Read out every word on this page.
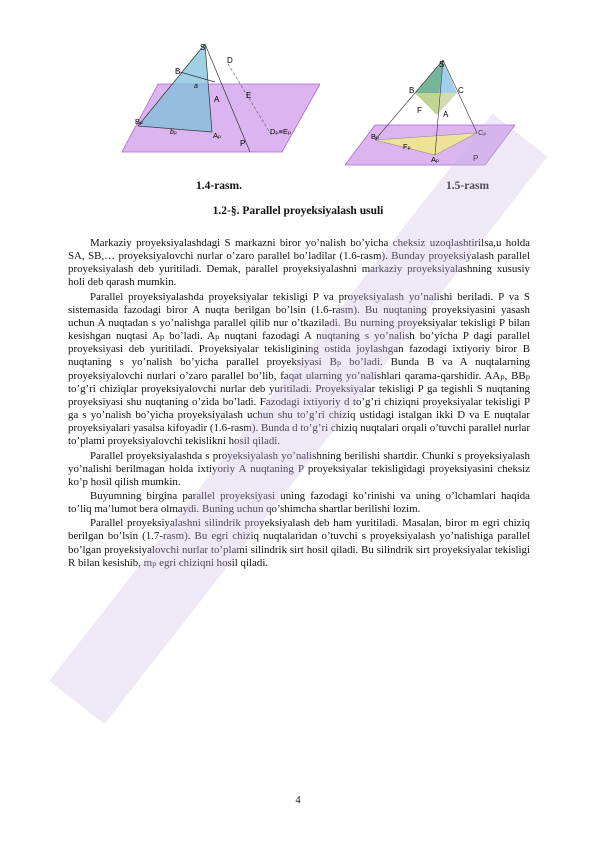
S
D
B
a
A	E
Bₚ
bₚ	Aₚ	Dₚ≡Eₚ
P
S
B	C
F	A
Bₚ
Fₚ
Cₚ
Aₚ	P
1.4-rasm.	1.5-rasm
1.2-§. Parallel proyeksiyalash usuli

Markaziy proyeksiyalashdagi S markazni biror yo’nalish bo’yicha cheksiz uzoqlashtirilsa,u holda SA, SB,… proyeksiyalovchi nurlar o’zaro parallel bo’ladilar (1.6-rasm). Bunday proyeksiyalash parallel proyeksiyalash deb yuritiladi. Demak, parallel proyeksiyalashni markaziy proyeksiyalashning xususiy holi deb qarash mumkin.

Parallel proyeksiyalashda proyeksiyalar tekisligi P va proyeksiyalash yo’nalishi beriladi. P va S sistemasida fazodagi biror A nuqta berilgan bo’lsin (1.6-rasm). Bu nuqtaning proyeksiyasini yasash uchun A nuqtadan s yo’nalishga parallel qilib nur o’tkaziladi. Bu nurning proyeksiyalar tekisligi P bilan kesishgan nuqtasi Aₚ bo’ladi. Aₚ nuqtani fazodagi A nuqtaning s yo’nalish bo’yicha P dagi parallel proyeksiyasi deb yuritiladi. Proyeksiyalar tekisligining ostida joylashgan fazodagi ixtiyoriy biror B nuqtaning s yo’nalish bo’yicha parallel proyeksiyasi Bₚ bo’ladi. Bunda B va A nuqtalarning proyeksiyalovchi nurlari o’zaro parallel bo’lib, faqat ularning yo’nalishlari qarama-qarshidir. AAₚ, BBₚ to’g’ri chiziqlar proyeksiyalovchi nurlar deb yuritiladi. Proyeksiyalar tekisligi P ga tegishli S nuqtaning proyeksiyasi shu nuqtaning o’zida bo’ladi. Fazodagi ixtiyoriy d to’g’ri chiziqni proyeksiyalar tekisligi P ga s yo’nalish bo’yicha proyeksiyalash uchun shu to’g’ri chiziq ustidagi istalgan ikki D va E nuqtalar proyeksiyalari yasalsa kifoyadir (1.6-rasm). Bunda d to’g’ri chiziq nuqtalari orqali o’tuvchi parallel nurlar to’plami proyeksiyalovchi tekislikni hosil qiladi.

Parallel proyeksiyalashda s proyeksiyalash yo’nalishning berilishi shartdir. Chunki s proyeksiyalash yo’nalishi berilmagan holda ixtiyoriy A nuqtaning P proyeksiyalar tekisligidagi proyeksiyasini cheksiz ko’p hosil qilish mumkin.

Buyumning birgina parallel proyeksiyasi uning fazodagi ko’rinishi va uning o’lchamlari haqida to’liq ma’lumot bera olmaydi. Buning uchun qo’shimcha shartlar berilishi lozim.

Parallel proyeksiyalashni silindrik proyeksiyalash deb ham yuritiladi. Masalan, biror m egri chiziq berilgan bo’lsin (1.7-rasm). Bu egri chiziq nuqtalaridan o’tuvchi s proyeksiyalash yo’nalishiga parallel bo’lgan proyeksiyalovchi nurlar to’plami silindrik sirt hosil qiladi. Bu silindrik sirt proyeksiyalar tekisligi R bilan kesishib, mₚ egri chiziqni hosil qiladi.

4
